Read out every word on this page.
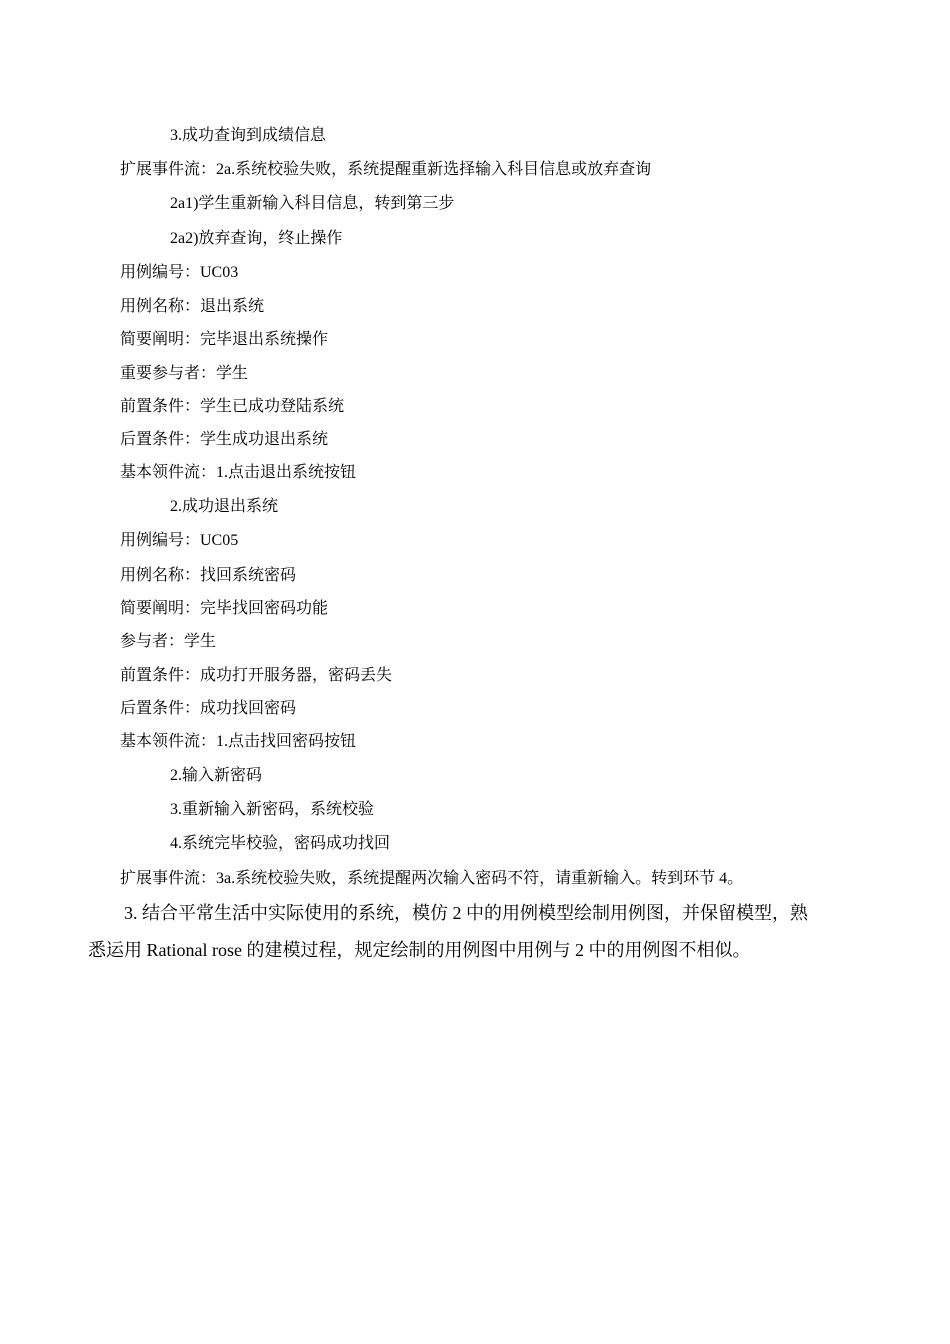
3.成功查询到成绩信息
扩展事件流：2a.系统校验失败，系统提醒重新选择输入科目信息或放弃查询
2a1)学生重新输入科目信息，转到第三步
2a2)放弃查询，终止操作
用例编号：UC03
用例名称：退出系统
简要阐明：完毕退出系统操作
重要参与者：学生
前置条件：学生已成功登陆系统
后置条件：学生成功退出系统
基本领件流：1.点击退出系统按钮
2.成功退出系统
用例编号：UC05
用例名称：找回系统密码
简要阐明：完毕找回密码功能
参与者：学生
前置条件：成功打开服务器，密码丢失
后置条件：成功找回密码
基本领件流：1.点击找回密码按钮
2.输入新密码
3.重新输入新密码，系统校验
4.系统完毕校验，密码成功找回
扩展事件流：3a.系统校验失败，系统提醒两次输入密码不符，请重新输入。转到环节 4。
3. 结合平常生活中实际使用的系统，模仿 2 中的用例模型绘制用例图，并保留模型，熟
悉运用 Rational rose 的建模过程，规定绘制的用例图中用例与 2 中的用例图不相似。
